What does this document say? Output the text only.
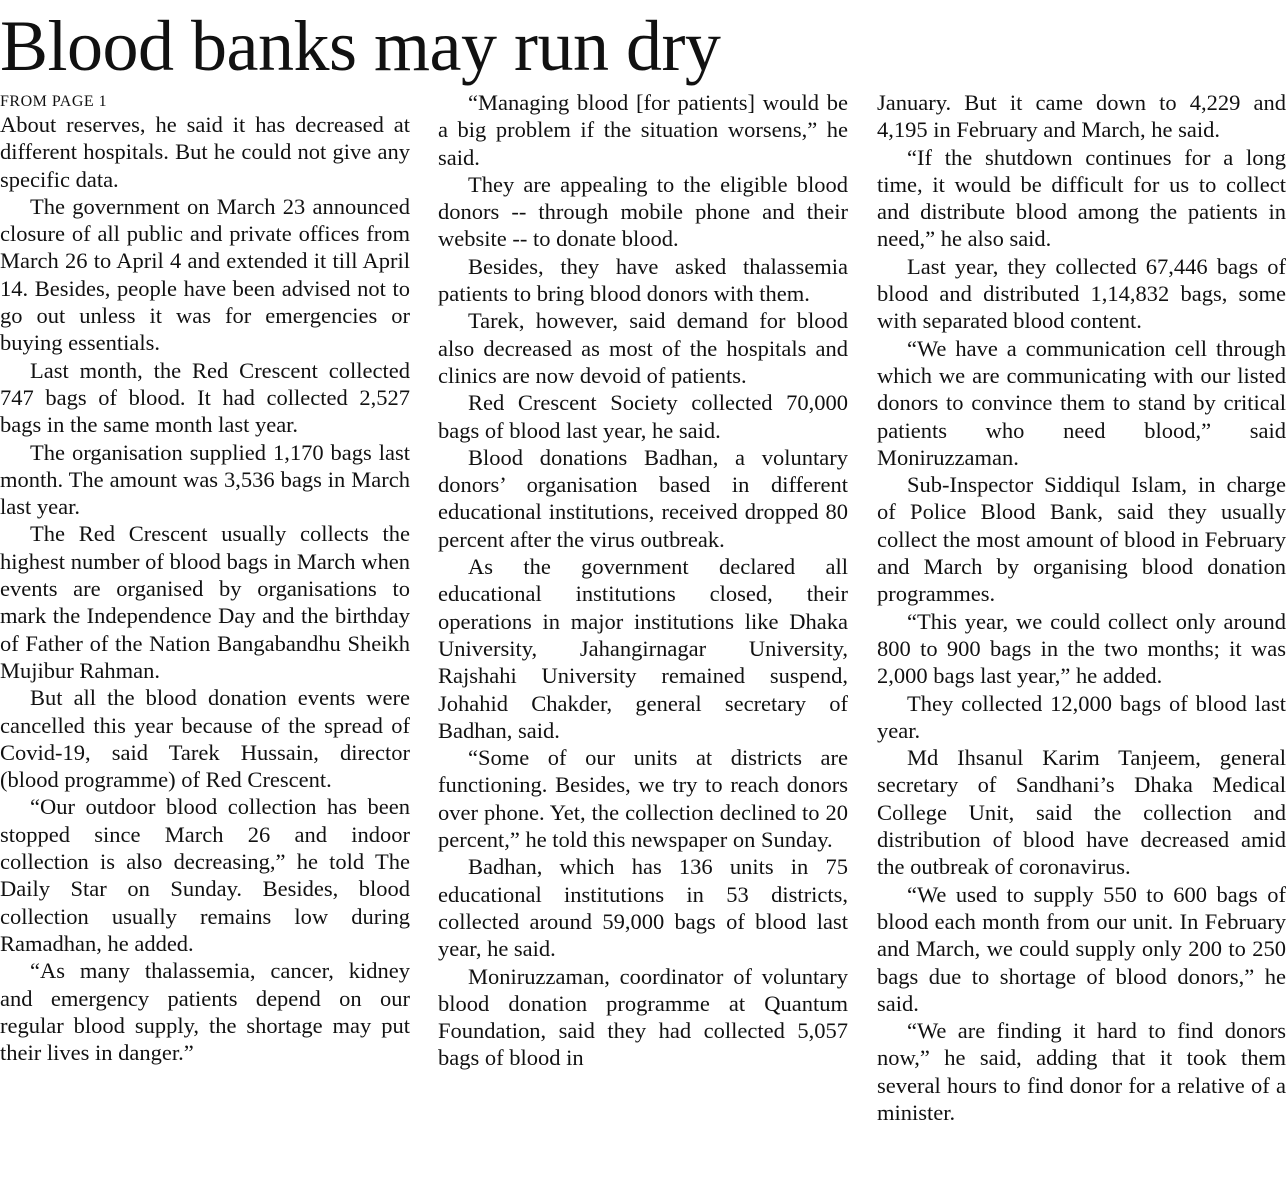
Blood banks may run dry
FROM PAGE 1

About reserves, he said it has decreased at different hospitals. But he could not give any specific data.

The government on March 23 announced closure of all public and private offices from March 26 to April 4 and extended it till April 14. Besides, people have been advised not to go out unless it was for emergencies or buying essentials.

Last month, the Red Crescent collected 747 bags of blood. It had collected 2,527 bags in the same month last year.

The organisation supplied 1,170 bags last month. The amount was 3,536 bags in March last year.

The Red Crescent usually collects the highest number of blood bags in March when events are organised by organisations to mark the Independence Day and the birthday of Father of the Nation Bangabandhu Sheikh Mujibur Rahman.

But all the blood donation events were cancelled this year because of the spread of Covid-19, said Tarek Hussain, director (blood programme) of Red Crescent.

“Our outdoor blood collection has been stopped since March 26 and indoor collection is also decreasing,” he told The Daily Star on Sunday. Besides, blood collection usually remains low during Ramadhan, he added.

“As many thalassemia, cancer, kidney and emergency patients depend on our regular blood supply, the shortage may put their lives in danger.”

“Managing blood [for patients] would be a big problem if the situation worsens,” he said.

They are appealing to the eligible blood donors -- through mobile phone and their website -- to donate blood.

Besides, they have asked thalassemia patients to bring blood donors with them.

Tarek, however, said demand for blood also decreased as most of the hospitals and clinics are now devoid of patients.

Red Crescent Society collected 70,000 bags of blood last year, he said.

Blood donations Badhan, a voluntary donors’ organisation based in different educational institutions, received dropped 80 percent after the virus outbreak.

As the government declared all educational institutions closed, their operations in major institutions like Dhaka University, Jahangirnagar University, Rajshahi University remained suspend, Johahid Chakder, general secretary of Badhan, said.

“Some of our units at districts are functioning. Besides, we try to reach donors over phone. Yet, the collection declined to 20 percent,” he told this newspaper on Sunday.

Badhan, which has 136 units in 75 educational institutions in 53 districts, collected around 59,000 bags of blood last year, he said.

Moniruzzaman, coordinator of voluntary blood donation programme at Quantum Foundation, said they had collected 5,057 bags of blood in

January. But it came down to 4,229 and 4,195 in February and March, he said.

“If the shutdown continues for a long time, it would be difficult for us to collect and distribute blood among the patients in need,” he also said.

Last year, they collected 67,446 bags of blood and distributed 1,14,832 bags, some with separated blood content.

“We have a communication cell through which we are communicating with our listed donors to convince them to stand by critical patients who need blood,” said Moniruzzaman.

Sub-Inspector Siddiqul Islam, in charge of Police Blood Bank, said they usually collect the most amount of blood in February and March by organising blood donation programmes.

“This year, we could collect only around 800 to 900 bags in the two months; it was 2,000 bags last year,” he added.

They collected 12,000 bags of blood last year.

Md Ihsanul Karim Tanjeem, general secretary of Sandhani’s Dhaka Medical College Unit, said the collection and distribution of blood have decreased amid the outbreak of coronavirus.

“We used to supply 550 to 600 bags of blood each month from our unit. In February and March, we could supply only 200 to 250 bags due to shortage of blood donors,” he said.

“We are finding it hard to find donors now,” he said, adding that it took them several hours to find donor for a relative of a minister.
